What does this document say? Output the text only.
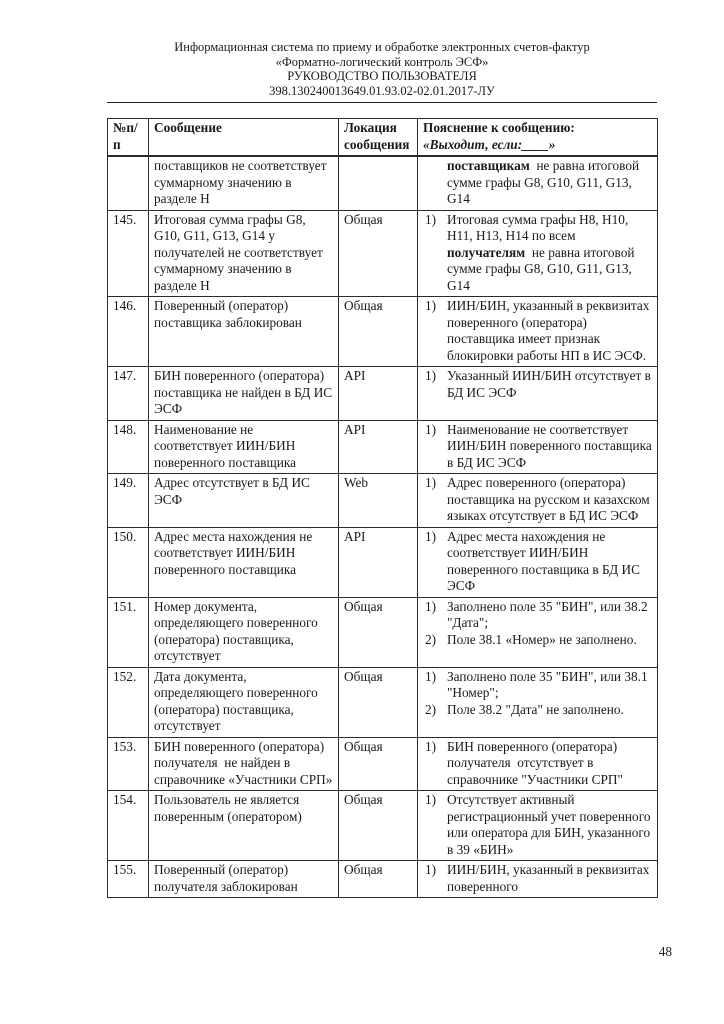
Информационная система по приему и обработке электронных счетов-фактур
«Форматно-логический контроль ЭСФ»
РУКОВОДСТВО ПОЛЬЗОВАТЕЛЯ
398.130240013649.01.93.02-02.01.2017-ЛУ
№п/п	Сообщение	Локация сообщения	Пояснение к сообщению:
«Выходит, если:____»

	поставщиков не соответствует суммарному значению в разделе Н		поставщикам  не равна итоговой сумме графы G8, G10, G11, G13, G14

145.	Итоговая сумма графы G8, G10, G11, G13, G14 у получателей не соответствует суммарному значению в разделе Н	Общая	1) Итоговая сумма графы Н8, Н10, Н11, Н13, Н14 по всем получателям  не равна итоговой сумме графы G8, G10, G11, G13, G14

146.	Поверенный (оператор) поставщика заблокирован	Общая	1) ИИН/БИН, указанный в реквизитах поверенного (оператора) поставщика имеет признак блокировки работы НП в ИС ЭСФ.

147.	БИН поверенного (оператора) поставщика не найден в БД ИС ЭСФ	API	1) Указанный ИИН/БИН отсутствует в БД ИС ЭСФ

148.	Наименование не соответствует ИИН/БИН поверенного поставщика	API	1) Наименование не соответствует ИИН/БИН поверенного поставщика в БД ИС ЭСФ

149.	Адрес отсутствует в БД ИС ЭСФ	Web	1) Адрес поверенного (оператора) поставщика на русском и казахском языках отсутствует в БД ИС ЭСФ

150.	Адрес места нахождения не соответствует ИИН/БИН поверенного поставщика	API	1) Адрес места нахождения не соответствует ИИН/БИН поверенного поставщика в БД ИС ЭСФ

151.	Номер документа, определяющего поверенного (оператора) поставщика, отсутствует	Общая	1) Заполнено поле 35 "БИН", или 38.2 "Дата";
2) Поле 38.1 «Номер» не заполнено.

152.	Дата документа, определяющего поверенного (оператора) поставщика, отсутствует	Общая	1) Заполнено поле 35 "БИН", или 38.1 "Номер";
2) Поле 38.2 "Дата" не заполнено.

153.	БИН поверенного (оператора) получателя  не найден в справочнике «Участники СРП»	Общая	1) БИН поверенного (оператора) получателя  отсутствует в справочнике "Участники СРП"

154.	Пользователь не является поверенным (оператором)	Общая	1) Отсутствует активный регистрационный учет поверенного или оператора для БИН, указанного в 39 «БИН»

155.	Поверенный (оператор) получателя заблокирован	Общая	1) ИИН/БИН, указанный в реквизитах поверенного
48
